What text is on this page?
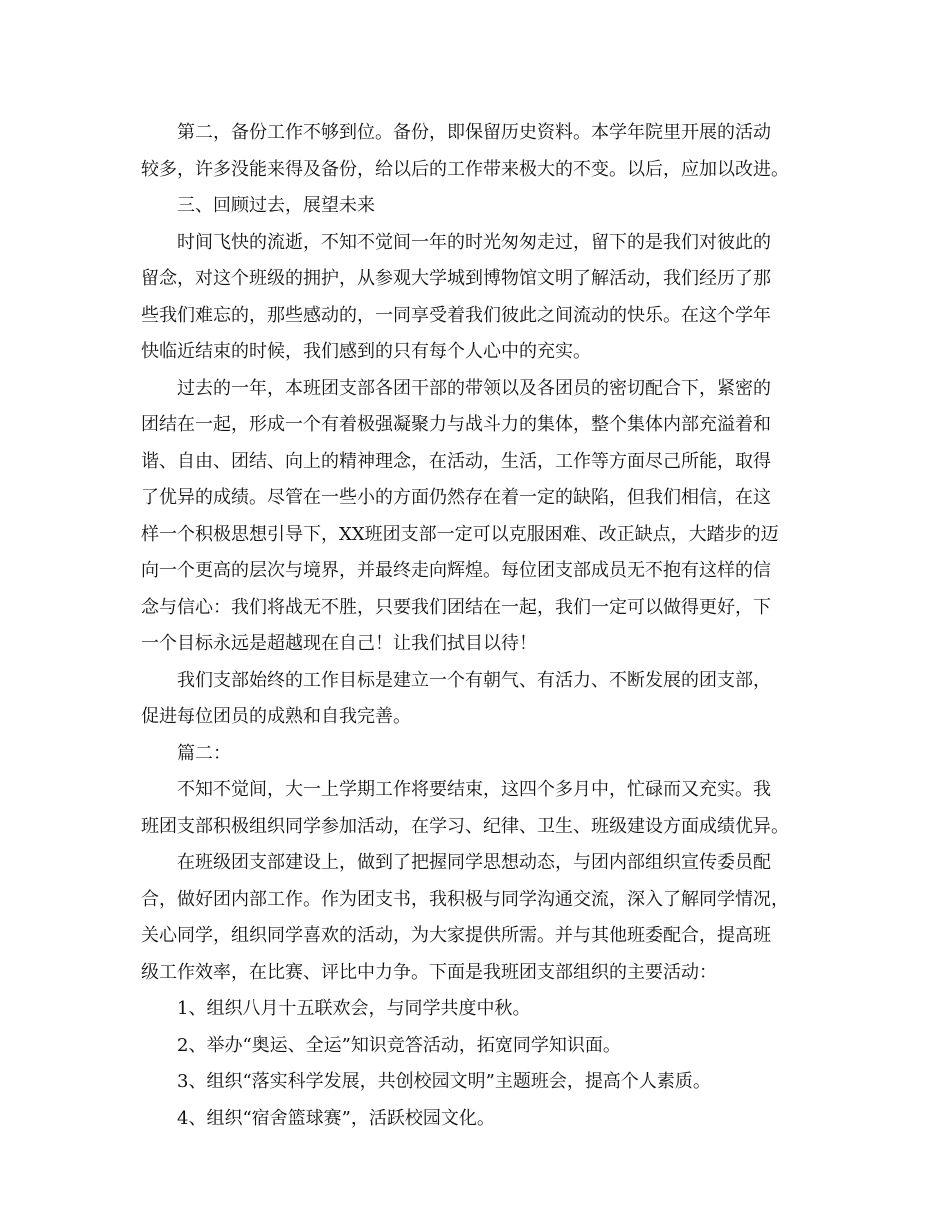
第二，备份工作不够到位。备份，即保留历史资料。本学年院里开展的活动
较多，许多没能来得及备份，给以后的工作带来极大的不变。以后，应加以改进。
三、回顾过去，展望未来
时间飞快的流逝，不知不觉间一年的时光匆匆走过，留下的是我们对彼此的
留念，对这个班级的拥护，从参观大学城到博物馆文明了解活动，我们经历了那
些我们难忘的，那些感动的，一同享受着我们彼此之间流动的快乐。在这个学年
快临近结束的时候，我们感到的只有每个人心中的充实。
过去的一年，本班团支部各团干部的带领以及各团员的密切配合下，紧密的
团结在一起，形成一个有着极强凝聚力与战斗力的集体，整个集体内部充溢着和
谐、自由、团结、向上的精神理念，在活动，生活，工作等方面尽己所能，取得
了优异的成绩。尽管在一些小的方面仍然存在着一定的缺陷，但我们相信，在这
样一个积极思想引导下，XX班团支部一定可以克服困难、改正缺点，大踏步的迈
向一个更高的层次与境界，并最终走向辉煌。每位团支部成员无不抱有这样的信
念与信心：我们将战无不胜，只要我们团结在一起，我们一定可以做得更好，下
一个目标永远是超越现在自己！让我们拭目以待！
我们支部始终的工作目标是建立一个有朝气、有活力、不断发展的团支部，
促进每位团员的成熟和自我完善。
篇二：
不知不觉间，大一上学期工作将要结束，这四个多月中，忙碌而又充实。我
班团支部积极组织同学参加活动，在学习、纪律、卫生、班级建设方面成绩优异。
在班级团支部建设上，做到了把握同学思想动态，与团内部组织宣传委员配
合，做好团内部工作。作为团支书，我积极与同学沟通交流，深入了解同学情况，
关心同学，组织同学喜欢的活动，为大家提供所需。并与其他班委配合，提高班
级工作效率，在比赛、评比中力争。下面是我班团支部组织的主要活动：
1、组织八月十五联欢会，与同学共度中秋。
2、举办“奥运、全运”知识竞答活动，拓宽同学知识面。
3、组织“落实科学发展，共创校园文明”主题班会，提高个人素质。
4、组织“宿舍篮球赛”，活跃校园文化。
